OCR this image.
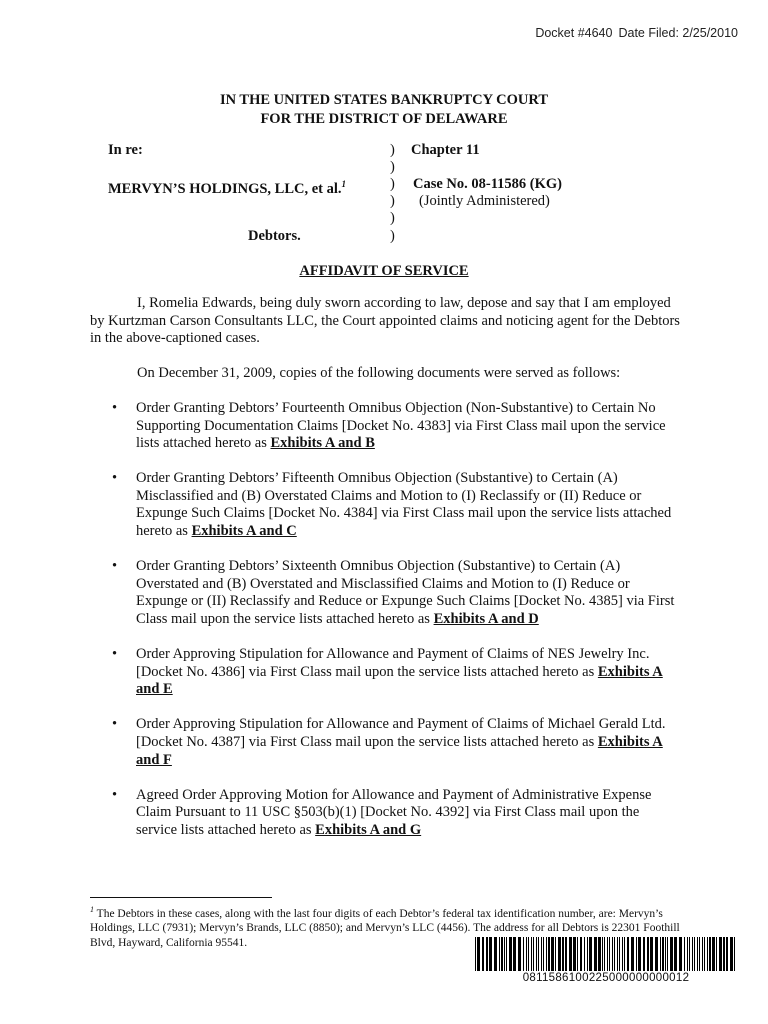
Docket #4640 Date Filed: 2/25/2010
IN THE UNITED STATES BANKRUPTCY COURT
FOR THE DISTRICT OF DELAWARE
In re:
MERVYN’S HOLDINGS, LLC, et al.$^1$
Debtors.
)
)
)
)
)
)
Chapter 11
Case No. 08-11586 (KG)
(Jointly Administered)
AFFIDAVIT OF SERVICE

I, Romelia Edwards, being duly sworn according to law, depose and say that I am employed by Kurtzman Carson Consultants LLC, the Court appointed claims and noticing agent for the Debtors in the above-captioned cases.

On December 31, 2009, copies of the following documents were served as follows:

• Order Granting Debtors’ Fourteenth Omnibus Objection (Non-Substantive) to Certain No Supporting Documentation Claims [Docket No. 4383] via First Class mail upon the service lists attached hereto as Exhibits A and B
• Order Granting Debtors’ Fifteenth Omnibus Objection (Substantive) to Certain (A) Misclassified and (B) Overstated Claims and Motion to (I) Reclassify or (II) Reduce or Expunge Such Claims [Docket No. 4384] via First Class mail upon the service lists attached hereto as Exhibits A and C
• Order Granting Debtors’ Sixteenth Omnibus Objection (Substantive) to Certain (A) Overstated and (B) Overstated and Misclassified Claims and Motion to (I) Reduce or Expunge or (II) Reclassify and Reduce or Expunge Such Claims [Docket No. 4385] via First Class mail upon the service lists attached hereto as Exhibits A and D
• Order Approving Stipulation for Allowance and Payment of Claims of NES Jewelry Inc. [Docket No. 4386] via First Class mail upon the service lists attached hereto as Exhibits A and E
• Order Approving Stipulation for Allowance and Payment of Claims of Michael Gerald Ltd. [Docket No. 4387] via First Class mail upon the service lists attached hereto as Exhibits A and F
• Agreed Order Approving Motion for Allowance and Payment of Administrative Expense Claim Pursuant to 11 USC §503(b)(1) [Docket No. 4392] via First Class mail upon the service lists attached hereto as Exhibits A and G
$^1$ The Debtors in these cases, along with the last four digits of each Debtor’s federal tax identification number, are: Mervyn’s Holdings, LLC (7931); Mervyn’s Brands, LLC (8850); and Mervyn’s LLC (4456). The address for all Debtors is 22301 Foothill Blvd, Hayward, California 95541.
0811586100225000000000012
